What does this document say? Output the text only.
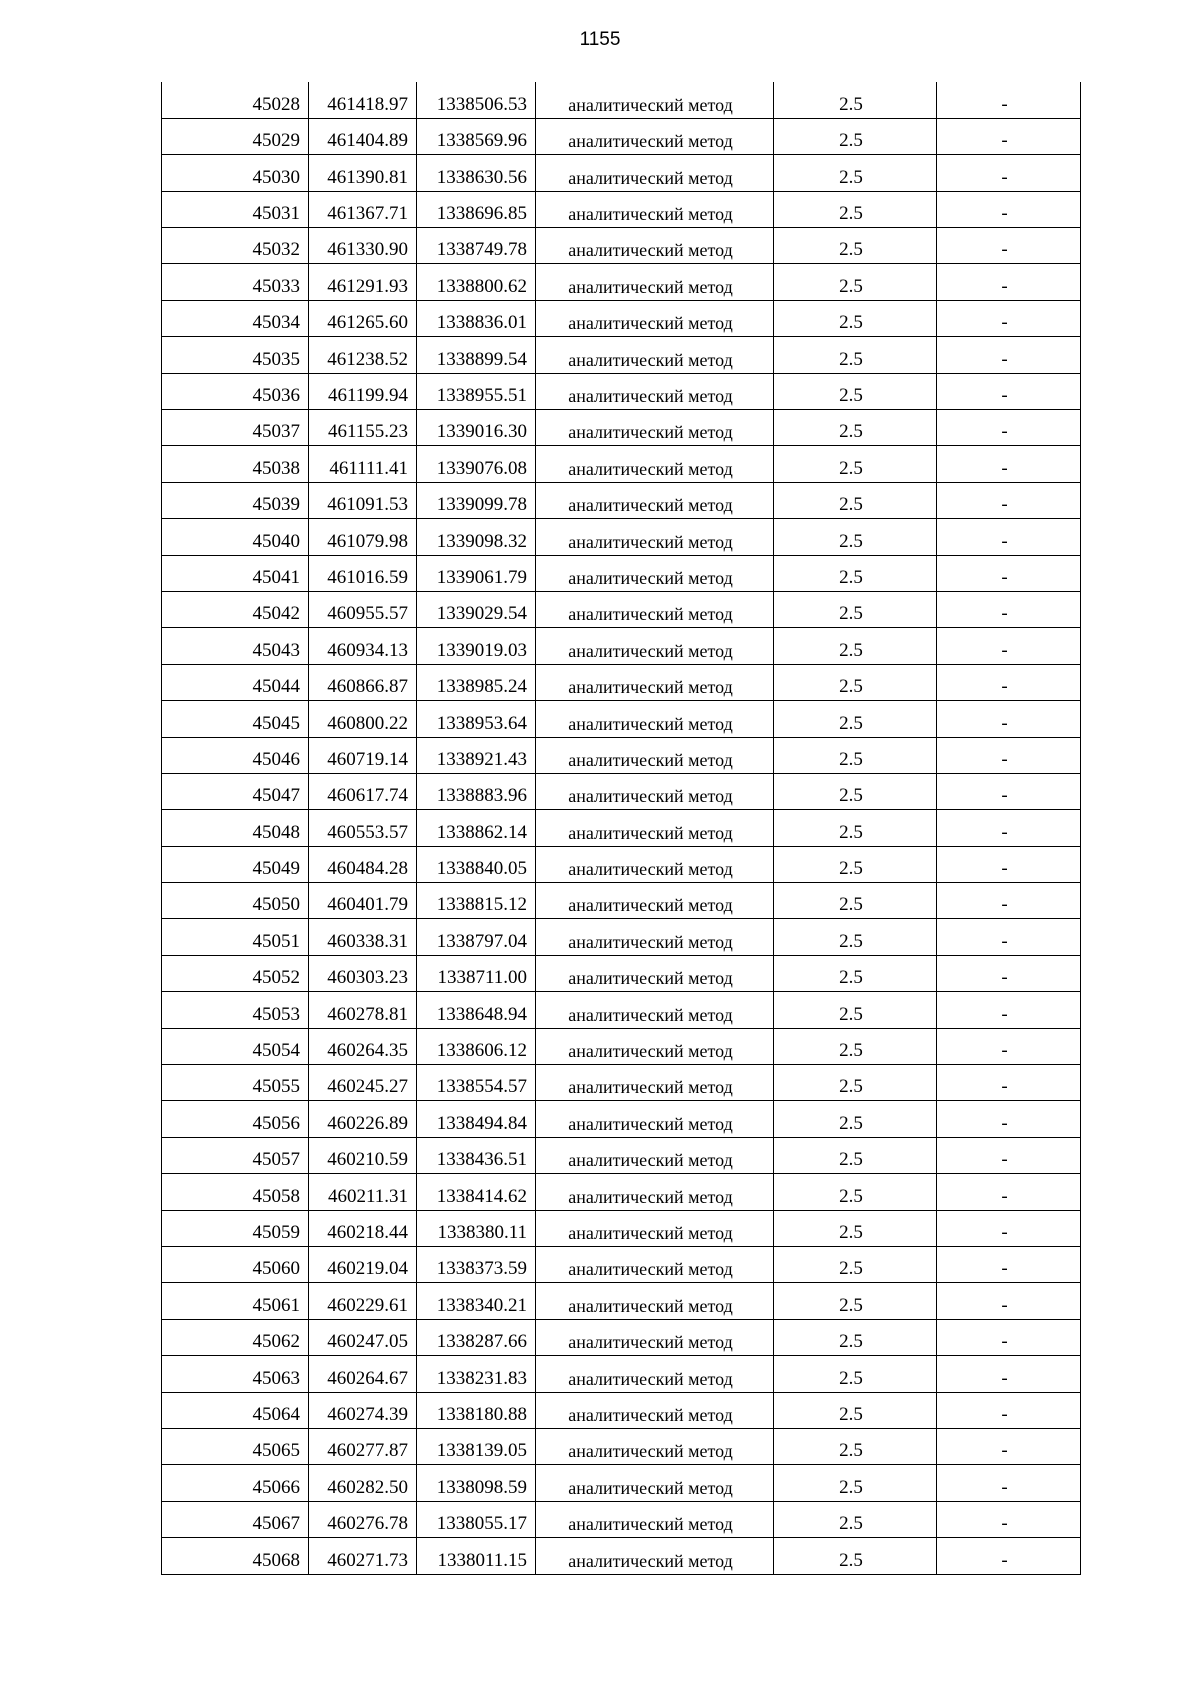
1155
45028	461418.97	1338506.53	аналитический метод	2.5	-
45029	461404.89	1338569.96	аналитический метод	2.5	-
45030	461390.81	1338630.56	аналитический метод	2.5	-
45031	461367.71	1338696.85	аналитический метод	2.5	-
45032	461330.90	1338749.78	аналитический метод	2.5	-
45033	461291.93	1338800.62	аналитический метод	2.5	-
45034	461265.60	1338836.01	аналитический метод	2.5	-
45035	461238.52	1338899.54	аналитический метод	2.5	-
45036	461199.94	1338955.51	аналитический метод	2.5	-
45037	461155.23	1339016.30	аналитический метод	2.5	-
45038	461111.41	1339076.08	аналитический метод	2.5	-
45039	461091.53	1339099.78	аналитический метод	2.5	-
45040	461079.98	1339098.32	аналитический метод	2.5	-
45041	461016.59	1339061.79	аналитический метод	2.5	-
45042	460955.57	1339029.54	аналитический метод	2.5	-
45043	460934.13	1339019.03	аналитический метод	2.5	-
45044	460866.87	1338985.24	аналитический метод	2.5	-
45045	460800.22	1338953.64	аналитический метод	2.5	-
45046	460719.14	1338921.43	аналитический метод	2.5	-
45047	460617.74	1338883.96	аналитический метод	2.5	-
45048	460553.57	1338862.14	аналитический метод	2.5	-
45049	460484.28	1338840.05	аналитический метод	2.5	-
45050	460401.79	1338815.12	аналитический метод	2.5	-
45051	460338.31	1338797.04	аналитический метод	2.5	-
45052	460303.23	1338711.00	аналитический метод	2.5	-
45053	460278.81	1338648.94	аналитический метод	2.5	-
45054	460264.35	1338606.12	аналитический метод	2.5	-
45055	460245.27	1338554.57	аналитический метод	2.5	-
45056	460226.89	1338494.84	аналитический метод	2.5	-
45057	460210.59	1338436.51	аналитический метод	2.5	-
45058	460211.31	1338414.62	аналитический метод	2.5	-
45059	460218.44	1338380.11	аналитический метод	2.5	-
45060	460219.04	1338373.59	аналитический метод	2.5	-
45061	460229.61	1338340.21	аналитический метод	2.5	-
45062	460247.05	1338287.66	аналитический метод	2.5	-
45063	460264.67	1338231.83	аналитический метод	2.5	-
45064	460274.39	1338180.88	аналитический метод	2.5	-
45065	460277.87	1338139.05	аналитический метод	2.5	-
45066	460282.50	1338098.59	аналитический метод	2.5	-
45067	460276.78	1338055.17	аналитический метод	2.5	-
45068	460271.73	1338011.15	аналитический метод	2.5	-
